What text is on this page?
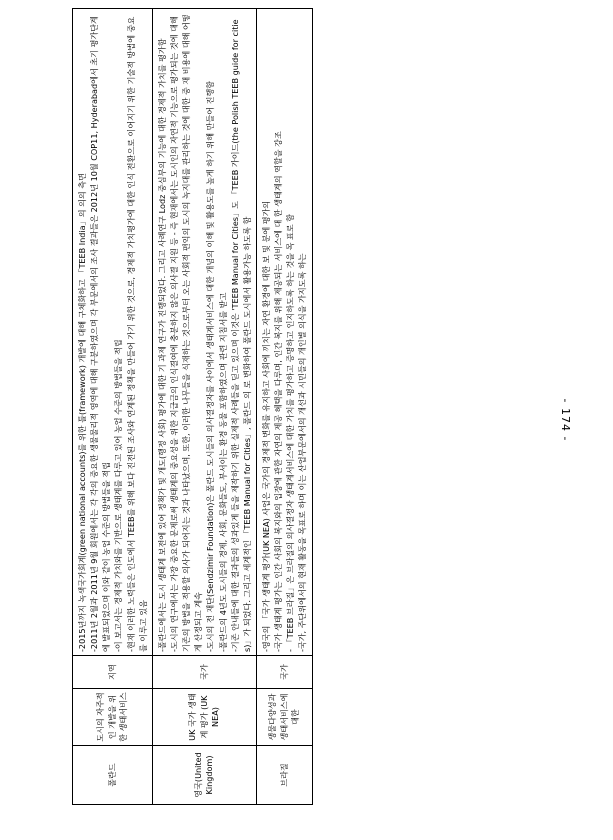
- 174 -
폴란드	도시의 자주적인 개발을 위한 생태서비스	지역	-2015년까지 녹색국가회계(green national accounts)를 위한 틀(framework) 개발에 대해 구체화하고 「TEEB India」의 의의 측면 -2011년 2월과 2011년 9월 회원에서는 각 각의 중요한 생물물리적 영역에 대해 구분하였으며 각 부문에서의 조사 결과들은 2012년 10월 COP11, Hyderabad에서 초기 평가단계에 발표되었으며 이와 같이 농업 수준의 방법들을 적립 -이 보고서는 경제적 가치와를 기반으로 생태계를 다루고 있어 농업 수준의 방법들을 적립 -현재 이러한 노력들은 인도에서 TEEB를 위해 보다 진전된 조사와 연계된 정책을 만들어 가기 위한 것으로, 경제적 가치평가에 대한 인식 전환으로 이어지기 위한 기술적 방법에 중요를 이루고 있음

영국(United Kingdom)	UK 국가 생태계 평가 (UK NEA)	국가	-폴란드에서는 도시 생태계 보전에 있어 정책가 및 개도(행정 사회) 평가에 대한 기 과제 연구가 진행되었다. 그리고 사례연구 Lodz 중심부의 기능에 대한 경제적 가치를 평가함 -도시의 연구에서는 가장 중요한 문제로써 생태계의 중요성을 위한 지급금의 인식결여에 충분하지 않은 의사결 지원 등 - 즉 현재에서는 도시인의 자연적 기능으로 평가되는 것에 대해 기존의 방법을 적용할 의사가 되어지는 것과 나타났으며, 또한, 이러한 나무들을 식재하는 것으로부터 오는 사회적 편익의 도시의 녹지대를 관리하는 것에 대한 중 재 비용에 대해 어떻게 산정되고 계속 -도시의 전 재단(Sendzimir Foundation)은 폴란드 도시들의 의사결정자를 사이에서 생태계서비스에 대한 개념의 이해 및 활용도를 높게 하기 위해 만들어 진행함 -폴란드의 4년도 도시들의 경제, 사회, 문화들도, 부서이는 환경 동물 포함하였으며 관련 지침서를 받고 -기존 안내들에 대한 결과들의 성과있게 들을 제작하기 위한 실제적 사례들을 딛고 있으며 이것은 'TEEB Manual for Cities」도 「TEEB 가이드(the Polish TEEB guide for cities)」가 되었다. 그리고 세계적인 「TEEB Manual for Cities」, 폴란드 의 로 변화하여 폴란드 도시에서 활용가능 하도록 함

브라질	생물다양성과 생태서비스에 대한	국가	-영국의 「국가 생태계 평가(UK NEA) 사업은 국가의 경제적 변화를 유지하고 사회에 끼치는 자연 환경에 대한 보 및 분에 평가의 -국가 생태계 평가는 인간 사회의 복지와의 입장에 관한 자연의 제공 혜택을 다루며, 인간 복지를 위해 제공되는 서비스에 대 한 생태계의 역할을 강조 - 「TEEB 브라질」은 브라질의 의사결정자 생태계서비스에 대한 가치를 평가하고 증명하고 인지하도록 하는 것을 목 표로 함 -국가, 주단위에서의 현재 활동을 목표로 하며 이는 산업부문에서의 개선과 시민들의 개인별 의식을 가지도록 하는
